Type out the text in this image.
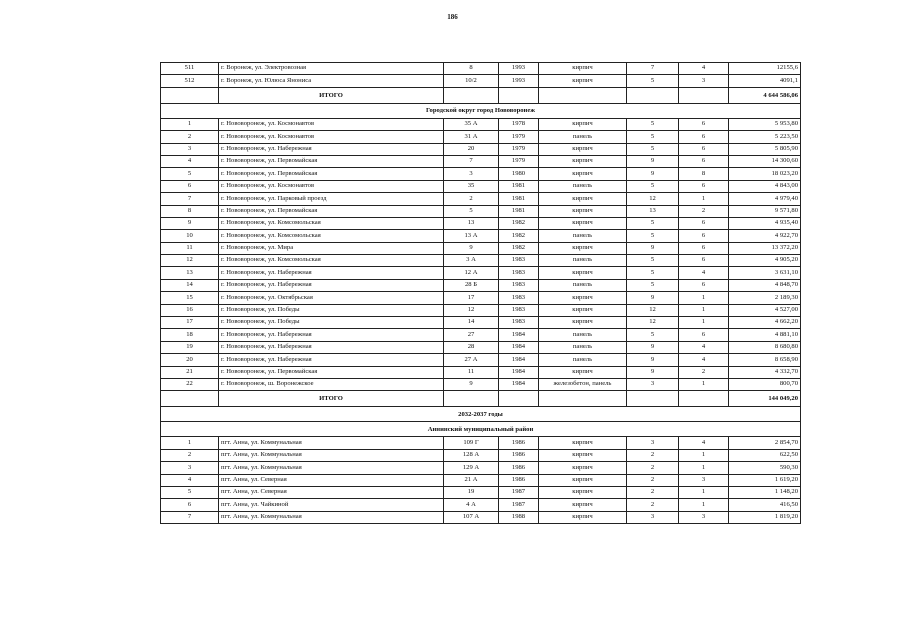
186
511	г. Воронеж, ул. Электровозная	8	1993	кирпич	7	4	12155,6
512	г. Воронеж, ул. Юлюса Янониса	10/2	1993	кирпич	5	3	4091,1
	ИТОГО						4 644 586,06
Городской округ город Нововоронеж							
1	г. Нововоронеж, ул. Космонавтов	35 А	1978	кирпич	5	6	5 953,80
2	г. Нововоронеж, ул. Космонавтов	31 А	1979	панель	5	6	5 223,50
3	г. Нововоронеж, ул. Набережная	20	1979	кирпич	5	6	5 805,90
4	г. Нововоронеж, ул. Первомайская	7	1979	кирпич	9	6	14 300,60
5	г. Нововоронеж, ул. Первомайская	3	1980	кирпич	9	8	18 023,20
6	г. Нововоронеж, ул. Космонавтов	35	1981	панель	5	6	4 843,00
7	г. Нововоронеж, ул. Парковый проезд	2	1981	кирпич	12	1	4 979,40
8	г. Нововоронеж, ул. Первомайская	5	1981	кирпич	13	2	9 571,80
9	г. Нововоронеж, ул. Комсомольская	13	1982	кирпич	5	6	4 935,40
10	г. Нововоронеж, ул. Комсомольская	13 А	1982	панель	5	6	4 922,70
11	г. Нововоронеж, ул. Мира	9	1982	кирпич	9	6	13 372,20
12	г. Нововоронеж, ул. Комсомольская	3 А	1983	панель	5	6	4 905,20
13	г. Нововоронеж, ул. Набережная	12 А	1983	кирпич	5	4	3 631,10
14	г. Нововоронеж, ул. Набережная	28 Б	1983	панель	5	6	4 848,70
15	г. Нововоронеж, ул. Октябрьская	17	1983	кирпич	9	1	2 189,30
16	г. Нововоронеж, ул. Победы	12	1983	кирпич	12	1	4 527,00
17	г. Нововоронеж, ул. Победы	14	1983	кирпич	12	1	4 662,20
18	г. Нововоронеж, ул. Набережная	27	1984	панель	5	6	4 881,10
19	г. Нововоронеж, ул. Набережная	28	1984	панель	9	4	8 680,80
20	г. Нововоронеж, ул. Набережная	27 А	1984	панель	9	4	8 658,90
21	г. Нововоронеж, ул. Первомайская	11	1984	кирпич	9	2	4 332,70
22	г. Нововоронеж, ш. Воронежское	9	1984	железобетон, панель	3	1	800,70
	ИТОГО						144 049,20
2032-2037 годы							
Аннинский муниципальный район							
1	пгт. Анна, ул. Коммунальная	109 Г	1986	кирпич	3	4	2 854,70
2	пгт. Анна, ул. Коммунальная	128 А	1986	кирпич	2	1	622,50
3	пгт. Анна, ул. Коммунальная	129 А	1986	кирпич	2	1	590,30
4	пгт. Анна, ул. Северная	21 А	1986	кирпич	2	3	1 619,20
5	пгт. Анна, ул. Северная	19	1987	кирпич	2	1	1 148,20
6	пгт. Анна, ул. Чайкиной	4 А	1987	кирпич	2	1	416,50
7	пгт. Анна, ул. Коммунальная	107 А	1988	кирпич	3	3	1 819,20
